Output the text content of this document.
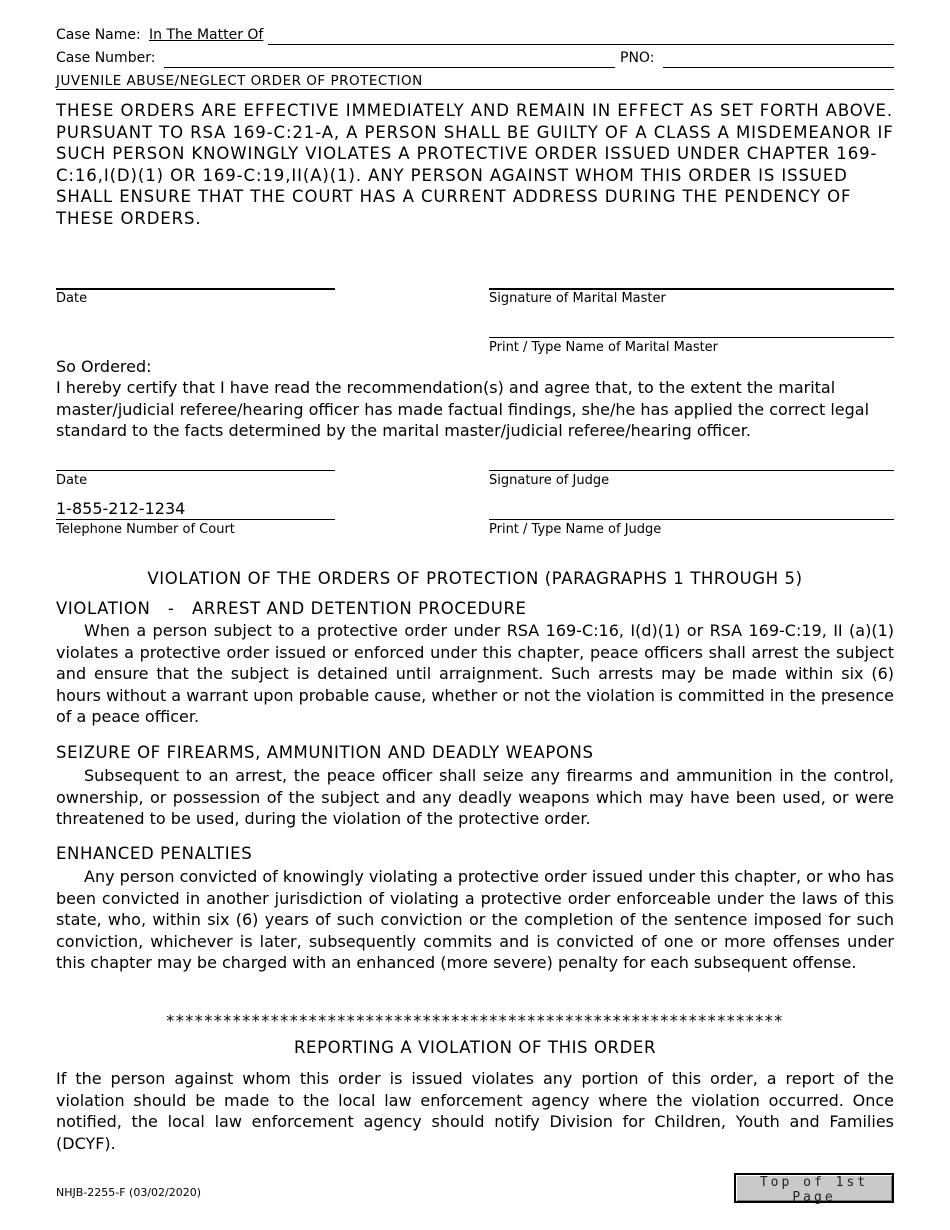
Case Name: In The Matter Of
Case Number:	PNO:
JUVENILE ABUSE/NEGLECT ORDER OF PROTECTION
THESE ORDERS ARE EFFECTIVE IMMEDIATELY AND REMAIN IN EFFECT AS SET FORTH ABOVE. PURSUANT TO RSA 169-C:21-A, A PERSON SHALL BE GUILTY OF A CLASS A MISDEMEANOR IF SUCH PERSON KNOWINGLY VIOLATES A PROTECTIVE ORDER ISSUED UNDER CHAPTER 169-C:16,I(D)(1) OR 169-C:19,II(A)(1). ANY PERSON AGAINST WHOM THIS ORDER IS ISSUED SHALL ENSURE THAT THE COURT HAS A CURRENT ADDRESS DURING THE PENDENCY OF THESE ORDERS.
Date	Signature of Marital Master
Print / Type Name of Marital Master
So Ordered:
I hereby certify that I have read the recommendation(s) and agree that, to the extent the marital master/judicial referee/hearing officer has made factual findings, she/he has applied the correct legal standard to the facts determined by the marital master/judicial referee/hearing officer.
Date	Signature of Judge
1-855-212-1234
Telephone Number of Court	Print / Type Name of Judge
VIOLATION OF THE ORDERS OF PROTECTION (PARAGRAPHS 1 THROUGH 5)
VIOLATION   -   ARREST AND DETENTION PROCEDURE
When a person subject to a protective order under RSA 169-C:16, I(d)(1) or RSA 169-C:19, II (a)(1) violates a protective order issued or enforced under this chapter, peace officers shall arrest the subject and ensure that the subject is detained until arraignment. Such arrests may be made within six (6) hours without a warrant upon probable cause, whether or not the violation is committed in the presence of a peace officer.
SEIZURE OF FIREARMS, AMMUNITION AND DEADLY WEAPONS
Subsequent to an arrest, the peace officer shall seize any firearms and ammunition in the control, ownership, or possession of the subject and any deadly weapons which may have been used, or were threatened to be used, during the violation of the protective order.
ENHANCED PENALTIES
Any person convicted of knowingly violating a protective order issued under this chapter, or who has been convicted in another jurisdiction of violating a protective order enforceable under the laws of this state, who, within six (6) years of such conviction or the completion of the sentence imposed for such conviction, whichever is later, subsequently commits and is convicted of one or more offenses under this chapter may be charged with an enhanced (more severe) penalty for each subsequent offense.
*****************************************************************
REPORTING A VIOLATION OF THIS ORDER
If the person against whom this order is issued violates any portion of this order, a report of the violation should be made to the local law enforcement agency where the violation occurred. Once notified, the local law enforcement agency should notify Division for Children, Youth and Families (DCYF).
NHJB-2255-F (03/02/2020)
Top of 1st Page
